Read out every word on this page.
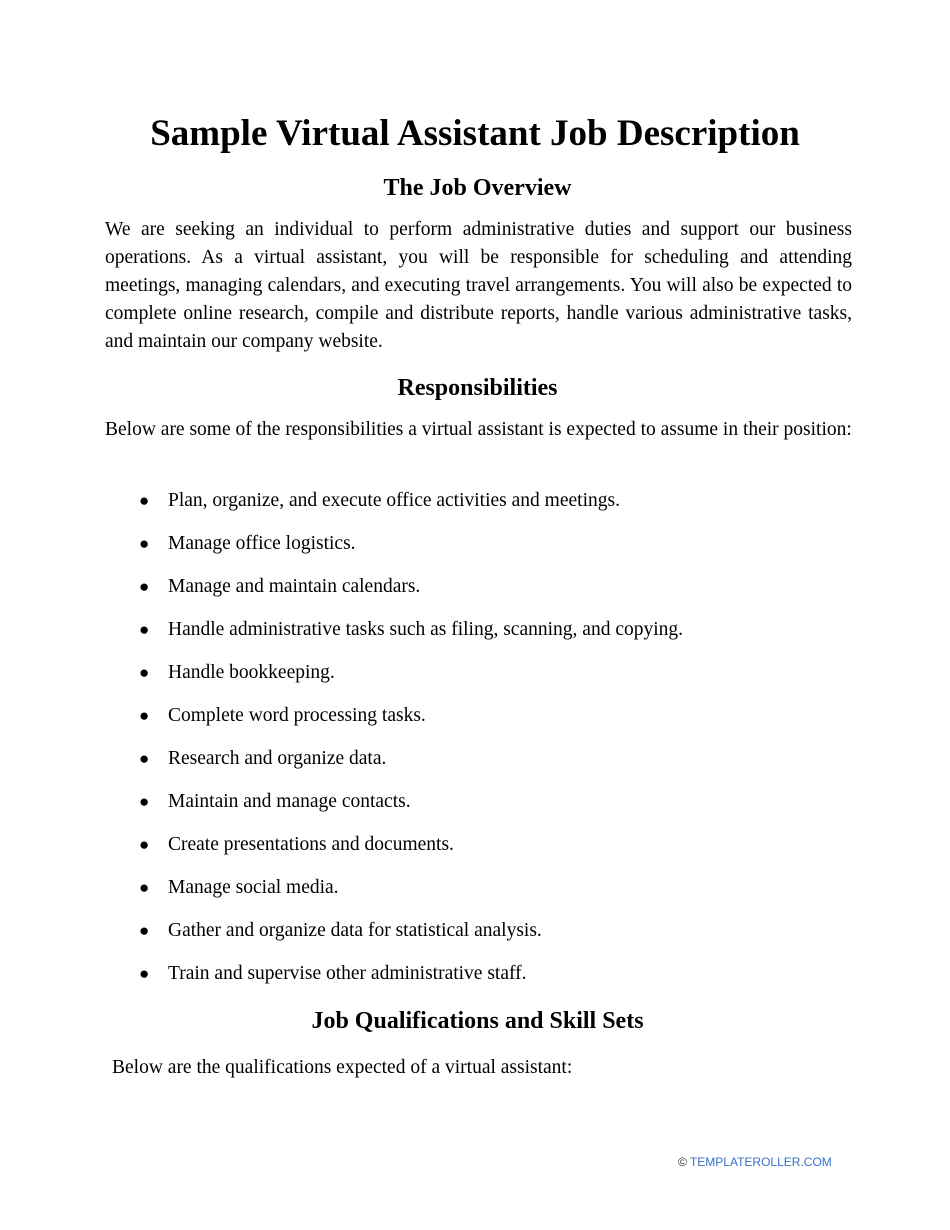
Sample Virtual Assistant Job Description
The Job Overview

We are seeking an individual to perform administrative duties and support our business operations. As a virtual assistant, you will be responsible for scheduling and attending meetings, managing calendars, and executing travel arrangements. You will also be expected to complete online research, compile and distribute reports, handle various administrative tasks, and maintain our company website.

Responsibilities

Below are some of the responsibilities a virtual assistant is expected to assume in their position:

● Plan, organize, and execute office activities and meetings.
● Manage office logistics.
● Manage and maintain calendars.
● Handle administrative tasks such as filing, scanning, and copying.
● Handle bookkeeping.
● Complete word processing tasks.
● Research and organize data.
● Maintain and manage contacts.
● Create presentations and documents.
● Manage social media.
● Gather and organize data for statistical analysis.
● Train and supervise other administrative staff.
Job Qualifications and Skill Sets

Below are the qualifications expected of a virtual assistant:

© TEMPLATEROLLER.COM
